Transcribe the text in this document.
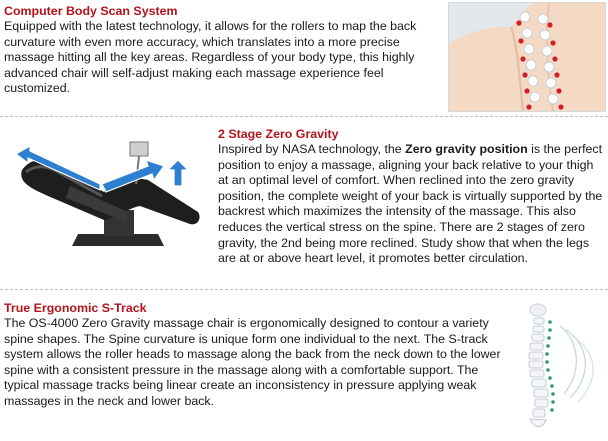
Computer Body Scan System

Equipped with the latest technology, it allows for the rollers to map the back curvature with even more accuracy, which translates into a more precise massage hitting all the key areas. Regardless of your body type, this highly advanced chair will self-adjust making each massage experience feel customized.

2 Stage Zero Gravity

Inspired by NASA technology, the Zero gravity position is the perfect position to enjoy a massage, aligning your back relative to your thigh at an optimal level of comfort. When reclined into the zero gravity position, the complete weight of your back is virtually supported by the backrest which maximizes the intensity of the massage. This also reduces the vertical stress on the spine. There are 2 stages of zero gravity, the 2nd being more reclined. Study show that when the legs are at or above heart level, it promotes better circulation.

True Ergonomic S-Track

The OS-4000 Zero Gravity massage chair is ergonomically designed to contour a variety spine shapes. The Spine curvature is unique form one individual to the next. The S-track system allows the roller heads to massage along the back from the neck down to the lower spine with a consistent pressure in the massage along with a comfortable support. The typical massage tracks being linear create an inconsistency in pressure applying weak massages in the neck and lower back.
